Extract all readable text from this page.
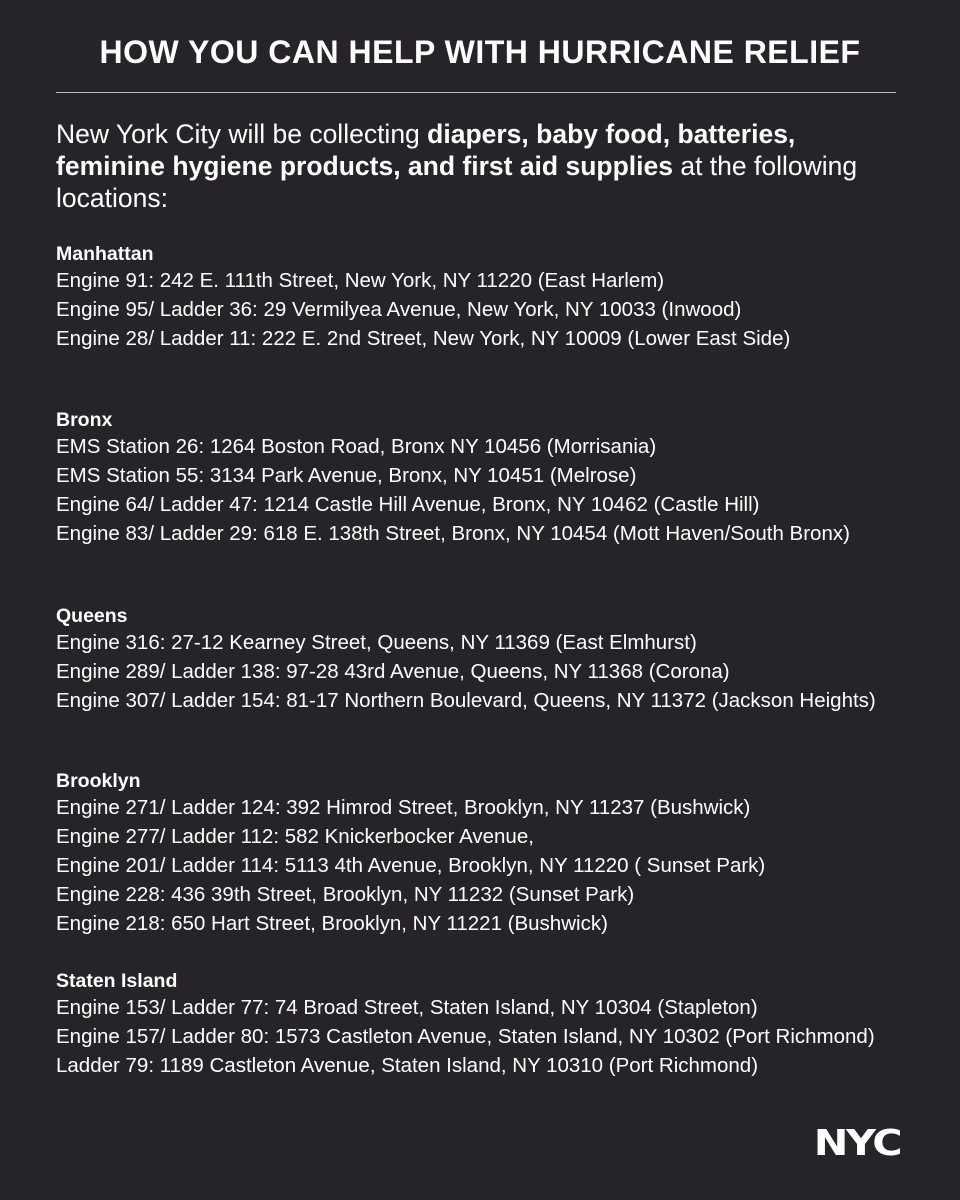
HOW YOU CAN HELP WITH HURRICANE RELIEF

New York City will be collecting diapers, baby food, batteries, feminine hygiene products, and first aid supplies at the following locations:

Manhattan

Engine 91: 242 E. 111th Street, New York, NY 11220 (East Harlem)

Engine 95/ Ladder 36: 29 Vermilyea Avenue, New York, NY 10033 (Inwood)

Engine 28/ Ladder 11: 222 E. 2nd Street, New York, NY 10009 (Lower East Side)

Bronx

EMS Station 26: 1264 Boston Road, Bronx NY 10456 (Morrisania)

EMS Station 55: 3134 Park Avenue, Bronx, NY 10451 (Melrose)

Engine 64/ Ladder 47: 1214 Castle Hill Avenue, Bronx, NY 10462 (Castle Hill)

Engine 83/ Ladder 29: 618 E. 138th Street, Bronx, NY 10454 (Mott Haven/South Bronx)

Queens

Engine 316: 27-12 Kearney Street, Queens, NY 11369 (East Elmhurst)

Engine 289/ Ladder 138: 97-28 43rd Avenue, Queens, NY 11368 (Corona)

Engine 307/ Ladder 154: 81-17 Northern Boulevard, Queens, NY 11372 (Jackson Heights)

Brooklyn

Engine 271/ Ladder 124: 392 Himrod Street, Brooklyn, NY 11237 (Bushwick)

Engine 277/ Ladder 112: 582 Knickerbocker Avenue,

Engine 201/ Ladder 114: 5113 4th Avenue, Brooklyn, NY 11220 ( Sunset Park)

Engine 228: 436 39th Street, Brooklyn, NY 11232 (Sunset Park)

Engine 218: 650 Hart Street, Brooklyn, NY 11221 (Bushwick)

Staten Island

Engine 153/ Ladder 77: 74 Broad Street, Staten Island, NY 10304 (Stapleton)

Engine 157/ Ladder 80: 1573 Castleton Avenue, Staten Island, NY 10302 (Port Richmond)

Ladder 79: 1189 Castleton Avenue, Staten Island, NY 10310 (Port Richmond)

NYC
